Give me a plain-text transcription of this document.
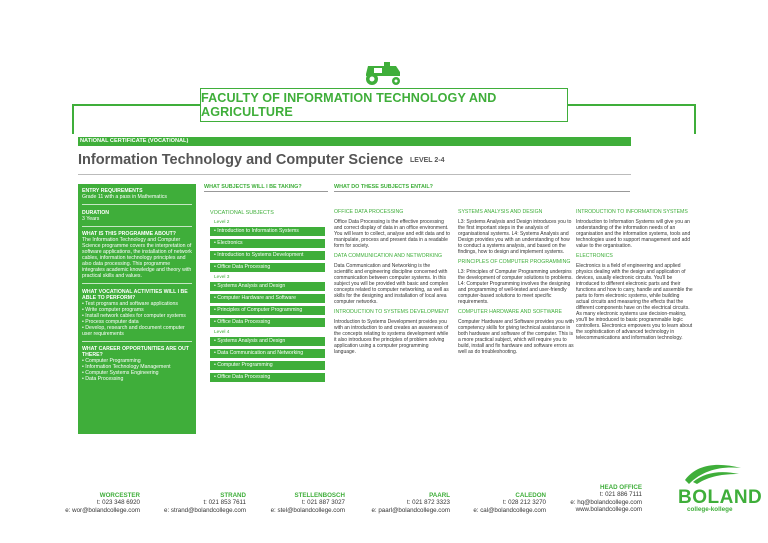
FACULTY OF INFORMATION TECHNOLOGY AND AGRICULTURE
NATIONAL CERTIFICATE (VOCATIONAL)
Information Technology and Computer Science LEVEL 2-4
ENTRY REQUIREMENTS
Grade 11 with a pass in Mathematics
DURATION
3 Years
WHAT IS THIS PROGRAMME ABOUT?
The Information Technology and Computer Science programme covers the interpretation of software applications, the installation of network cables, information technology principles and also data processing. This programme integrates academic knowledge and theory with practical skills and values.
WHAT VOCATIONAL ACTIVITIES WILL I BE ABLE TO PERFORM?
• Test programs and software applications
• Write computer programs
• Install network cables for computer systems
• Process computer data
• Develop, research and document computer user requirements
WHAT CAREER OPPORTUNITIES ARE OUT THERE?
• Computer Programming
• Information Technology Management
• Computer Systems Engineering
• Data Processing
WHAT SUBJECTS WILL I BE TAKING?
VOCATIONAL SUBJECTS
Level 2
• Introduction to Information Systems
• Electronics
• Introduction to Systems Development
• Office Data Processing
Level 3
• Systems Analysis and Design
• Computer Hardware and Software
• Principles of Computer Programming
• Office Data Processing
Level 4
• Systems Analysis and Design
• Data Communication and Networking
• Computer Programming
• Office Data Processing
WHAT DO THESE SUBJECTS ENTAIL?
OFFICE DATA PROCESSING
Office Data Processing is the effective processing and correct display of data in an office environment. You will learn to collect, analyse and edit data and to manipulate, process and present data in a readable form for society.
DATA COMMUNICATION AND NETWORKING
Data Communication and Networking is the scientific and engineering discipline concerned with communication between computer systems. In this subject you will be provided with basic and complex concepts related to computer networking, as well as skills for the designing and installation of local area computer networks.
INTRODUCTION TO SYSTEMS DEVELOPMENT
Introduction to Systems Development provides you with an introduction to and creates an awareness of the concepts relating to systems development while it also introduces the principles of problem solving application using a computer programming language.
SYSTEMS ANALYSIS AND DESIGN
L3: Systems Analysis and Design introduces you to the first important steps in the analysis of organisational systems. L4: Systems Analysis and Design provides you with an understanding of how to conduct a systems analysis, and based on the findings, how to design and implement systems.
PRINCIPLES OF COMPUTER PROGRAMMING
L3: Principles of Computer Programming underpins the development of computer solutions to problems. L4: Computer Programming involves the designing and programming of well-tested and user-friendly computer-based solutions to meet specific requirements.
COMPUTER HARDWARE AND SOFTWARE
Computer Hardware and Software provides you with competency skills for giving technical assistance in both hardware and software of the computer. This is a more practical subject, which will require you to build, install and fix hardware and software errors as well as do troubleshooting.
INTRODUCTION TO INFORMATION SYSTEMS
Introduction to Information Systems will give you an understanding of the information needs of an organisation and the information systems, tools and technologies used to support management and add value to the organisation.
ELECTRONICS
Electronics is a field of engineering and applied physics dealing with the design and application of devices, usually electronic circuits. You'll be introduced to different electronic parts and their functions and how to carry, handle and assemble the parts to form electronic systems, while building actual circuits and measuring the effects that the different components have on the electrical circuits. As many electronic systems use decision-making, you'll be introduced to basic programmable logic controllers. Electronics empowers you to learn about the sophistication of advanced technology in telecommunications and information technology.
WORCESTER
t: 023 348 6920
e: wor@bolandcollege.com
STRAND
t: 021 853 7611
e: strand@bolandcollege.com
STELLENBOSCH
t: 021 887 3027
e: stel@bolandcollege.com
PAARL
t: 021 872 3323
e: paarl@bolandcollege.com
CALEDON
t: 028 212 3270
e: cal@bolandcollege.com
HEAD OFFICE
t: 021 886 7111
e: hq@bolandcollege.com
www.bolandcollege.com
BOLAND
college-kollege
